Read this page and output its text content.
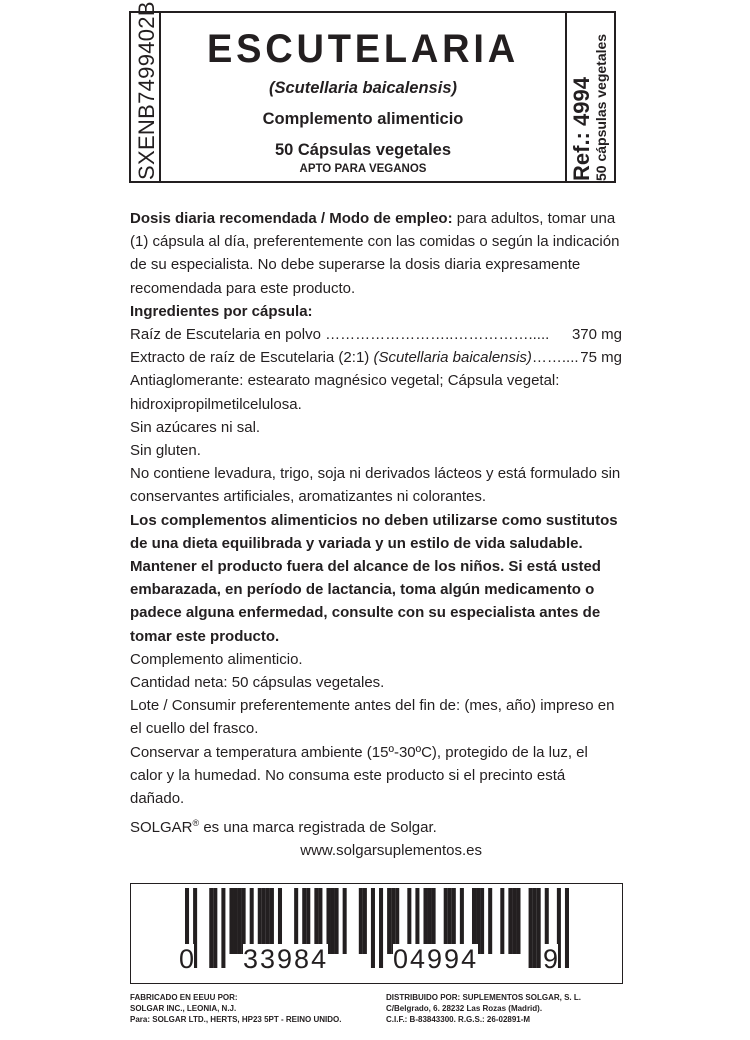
SXENB7499402B	ESCUTELARIA
(Scutellaria baicalensis)
Complemento alimenticio
50 Cápsulas vegetales
APTO PARA VEGANOS	Ref.: 4994 50 cápsulas vegetales

Dosis diaria recomendada / Modo de empleo: para adultos, tomar una (1) cápsula al día, preferentemente con las comidas o según la indicación de su especialista. No debe superarse la dosis diaria expresamente recomendada para este producto.

Ingredientes por cápsula:

Raíz de Escutelaria en polvo ……………………..……………..... 370 mg
Extracto de raíz de Escutelaria (2:1) (Scutellaria baicalensis)…….... 75 mg

Antiaglomerante: estearato magnésico vegetal; Cápsula vegetal: hidroxipropilmetilcelulosa.

Sin azúcares ni sal.

Sin gluten.

No contiene levadura, trigo, soja ni derivados lácteos y está formulado sin conservantes artificiales, aromatizantes ni colorantes.

Los complementos alimenticios no deben utilizarse como sustitutos de una dieta equilibrada y variada y un estilo de vida saludable. Mantener el producto fuera del alcance de los niños. Si está usted embarazada, en período de lactancia, toma algún medicamento o padece alguna enfermedad, consulte con su especialista antes de tomar este producto.

Complemento alimenticio.

Cantidad neta: 50 cápsulas vegetales.

Lote / Consumir preferentemente antes del fin de: (mes, año) impreso en el cuello del frasco.

Conservar a temperatura ambiente (15º-30ºC), protegido de la luz, el calor y la humedad. No consuma este producto si el precinto está dañado.

SOLGAR® es una marca registrada de Solgar.

www.solgarsuplementos.es

0 33984 04994 9
FABRICADO EN EEUU POR:
SOLGAR INC., LEONIA, N.J.
Para: SOLGAR LTD., HERTS, HP23 5PT - REINO UNIDO.
DISTRIBUIDO POR: SUPLEMENTOS SOLGAR, S. L.
C/Belgrado, 6. 28232 Las Rozas (Madrid).
C.I.F.: B-83843300. R.G.S.: 26-02891-M
